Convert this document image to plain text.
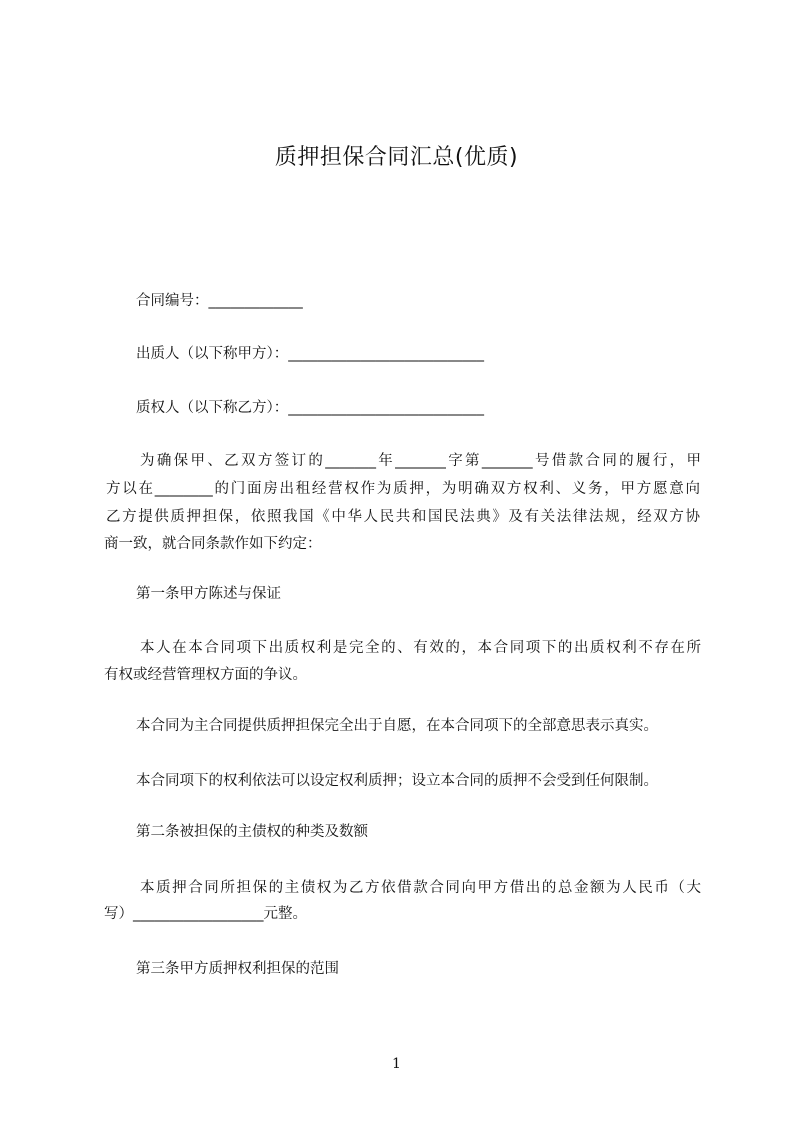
质押担保合同汇总(优质)
合同编号：_____________
出质人（以下称甲方）：___________________________
质权人（以下称乙方）：___________________________
为确保甲、乙双方签订的_______年_______字第_______号借款合同的履行，甲
方以在________的门面房出租经营权作为质押，为明确双方权利、义务，甲方愿意向
乙方提供质押担保，依照我国《中华人民共和国民法典》及有关法律法规，经双方协
商一致，就合同条款作如下约定：
第一条甲方陈述与保证
本人在本合同项下出质权利是完全的、有效的，本合同项下的出质权利不存在所
有权或经营管理权方面的争议。
本合同为主合同提供质押担保完全出于自愿，在本合同项下的全部意思表示真实。
本合同项下的权利依法可以设定权利质押；设立本合同的质押不会受到任何限制。
第二条被担保的主债权的种类及数额
本质押合同所担保的主债权为乙方依借款合同向甲方借出的总金额为人民币（大
写）__________________元整。
第三条甲方质押权利担保的范围
1
